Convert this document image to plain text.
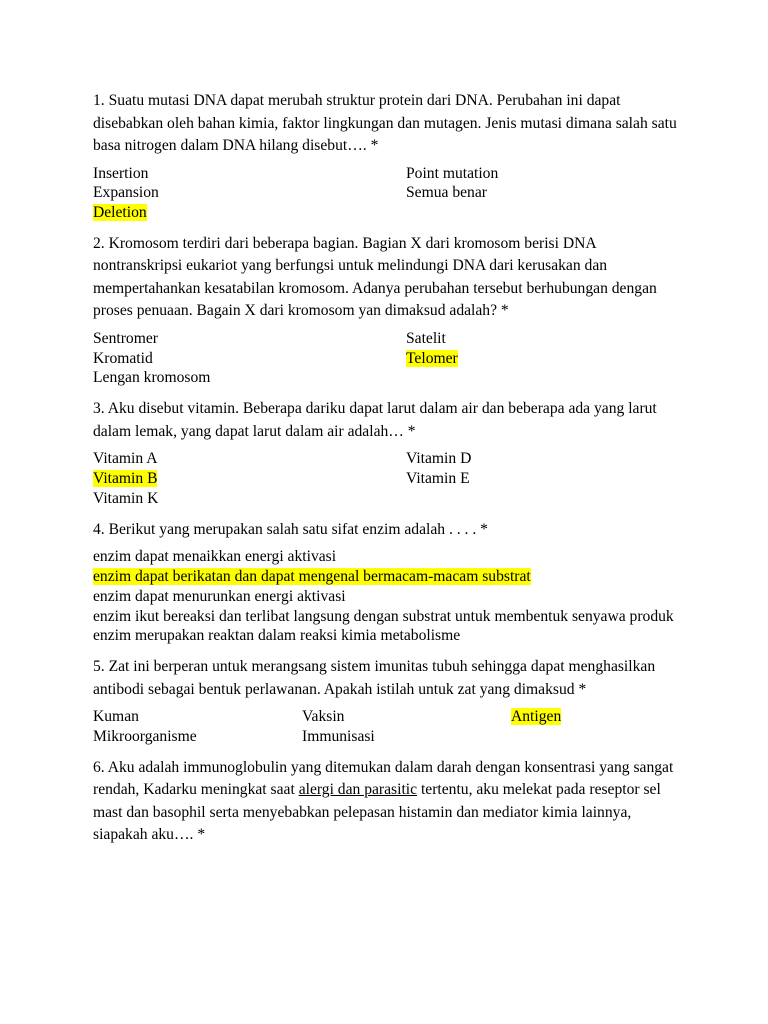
1. Suatu mutasi DNA dapat merubah struktur protein dari DNA. Perubahan ini dapat disebabkan oleh bahan kimia, faktor lingkungan dan mutagen. Jenis mutasi dimana salah satu basa nitrogen dalam DNA hilang disebut…. *

Insertion	Point mutation
Expansion	Semua benar
Deletion

2. Kromosom terdiri dari beberapa bagian. Bagian X dari kromosom berisi DNA nontranskripsi eukariot yang berfungsi untuk melindungi DNA dari kerusakan dan mempertahankan kesatabilan kromosom. Adanya perubahan tersebut berhubungan dengan proses penuaan. Bagain X dari kromosom yan dimaksud adalah? *

Sentromer	Satelit
Kromatid	Telomer
Lengan kromosom

3. Aku disebut vitamin. Beberapa dariku dapat larut dalam air dan beberapa ada yang larut dalam lemak, yang dapat larut dalam air adalah… *

Vitamin A	Vitamin D
Vitamin B	Vitamin E
Vitamin K

4. Berikut yang merupakan salah satu sifat enzim adalah . . . . *

enzim dapat menaikkan energi aktivasi
enzim dapat berikatan dan dapat mengenal bermacam-macam substrat
enzim dapat menurunkan energi aktivasi
enzim ikut bereaksi dan terlibat langsung dengan substrat untuk membentuk senyawa produk
enzim merupakan reaktan dalam reaksi kimia metabolisme

5. Zat ini berperan untuk merangsang sistem imunitas tubuh sehingga dapat menghasilkan antibodi sebagai bentuk perlawanan. Apakah istilah untuk zat yang dimaksud *

Kuman	Vaksin	Antigen
Mikroorganisme	Immunisasi

6. Aku adalah immunoglobulin yang ditemukan dalam darah dengan konsentrasi yang sangat rendah, Kadarku meningkat saat alergi dan parasitic tertentu, aku melekat pada reseptor sel mast dan basophil serta menyebabkan pelepasan histamin dan mediator kimia lainnya, siapakah aku…. *
